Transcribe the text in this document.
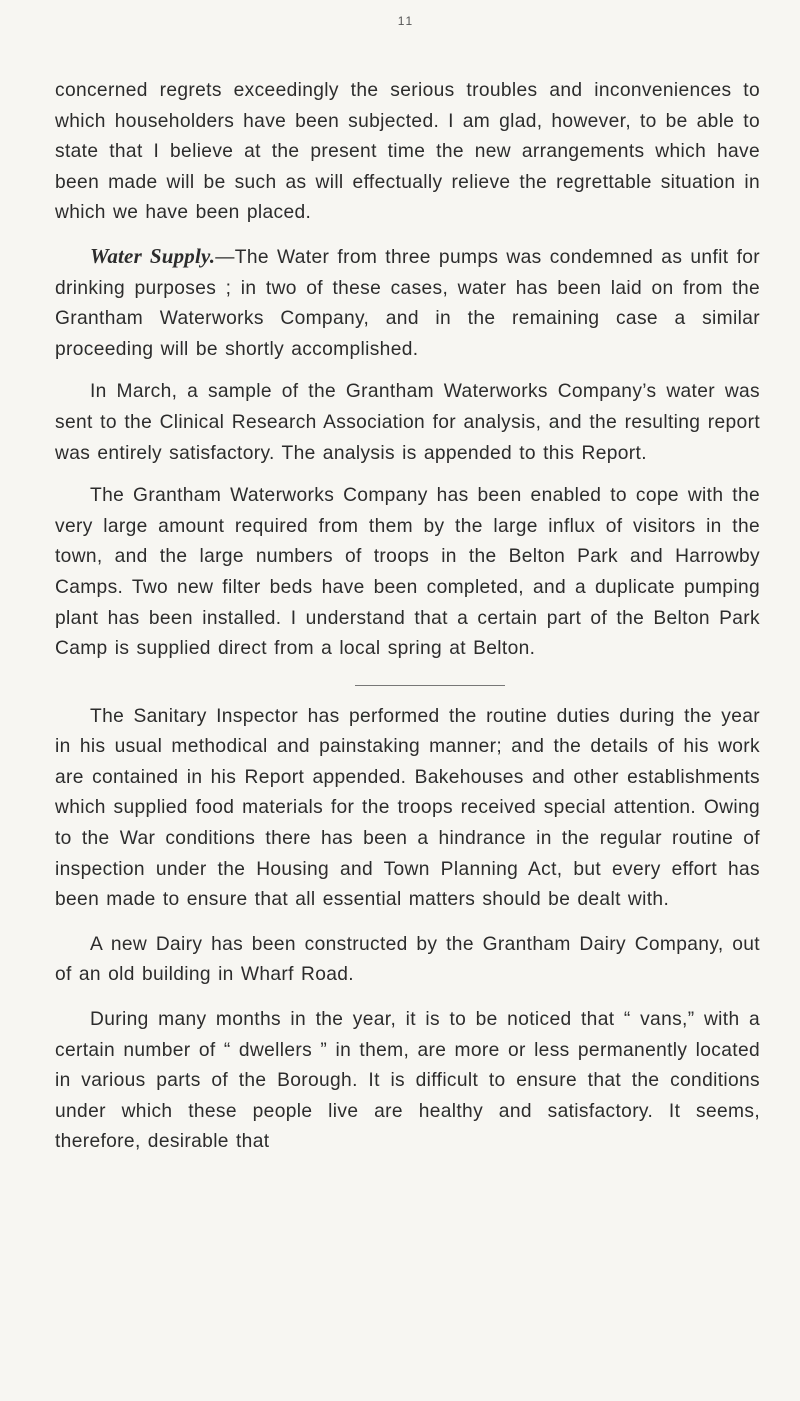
11

concerned regrets exceedingly the serious troubles and inconveniences to which householders have been subjected. I am glad, however, to be able to state that I believe at the present time the new arrangements which have been made will be such as will effectually relieve the regrettable situation in which we have been placed.

Water Supply.—The Water from three pumps was condemned as unfit for drinking purposes ; in two of these cases, water has been laid on from the Grantham Waterworks Company, and in the remaining case a similar proceeding will be shortly accomplished.

In March, a sample of the Grantham Waterworks Company’s water was sent to the Clinical Research Association for analysis, and the resulting report was entirely satisfactory. The analysis is appended to this Report.

The Grantham Waterworks Company has been enabled to cope with the very large amount required from them by the large influx of visitors in the town, and the large numbers of troops in the Belton Park and Harrowby Camps. Two new filter beds have been completed, and a duplicate pumping plant has been installed. I understand that a certain part of the Belton Park Camp is supplied direct from a local spring at Belton.

The Sanitary Inspector has performed the routine duties during the year in his usual methodical and painstaking manner; and the details of his work are contained in his Report appended. Bakehouses and other establishments which supplied food materials for the troops received special attention. Owing to the War conditions there has been a hindrance in the regular routine of inspection under the Housing and Town Planning Act, but every effort has been made to ensure that all essential matters should be dealt with.

A new Dairy has been constructed by the Grantham Dairy Company, out of an old building in Wharf Road.

During many months in the year, it is to be noticed that “ vans,” with a certain number of “ dwellers ” in them, are more or less permanently located in various parts of the Borough. It is difficult to ensure that the conditions under which these people live are healthy and satisfactory. It seems, therefore, desirable that
